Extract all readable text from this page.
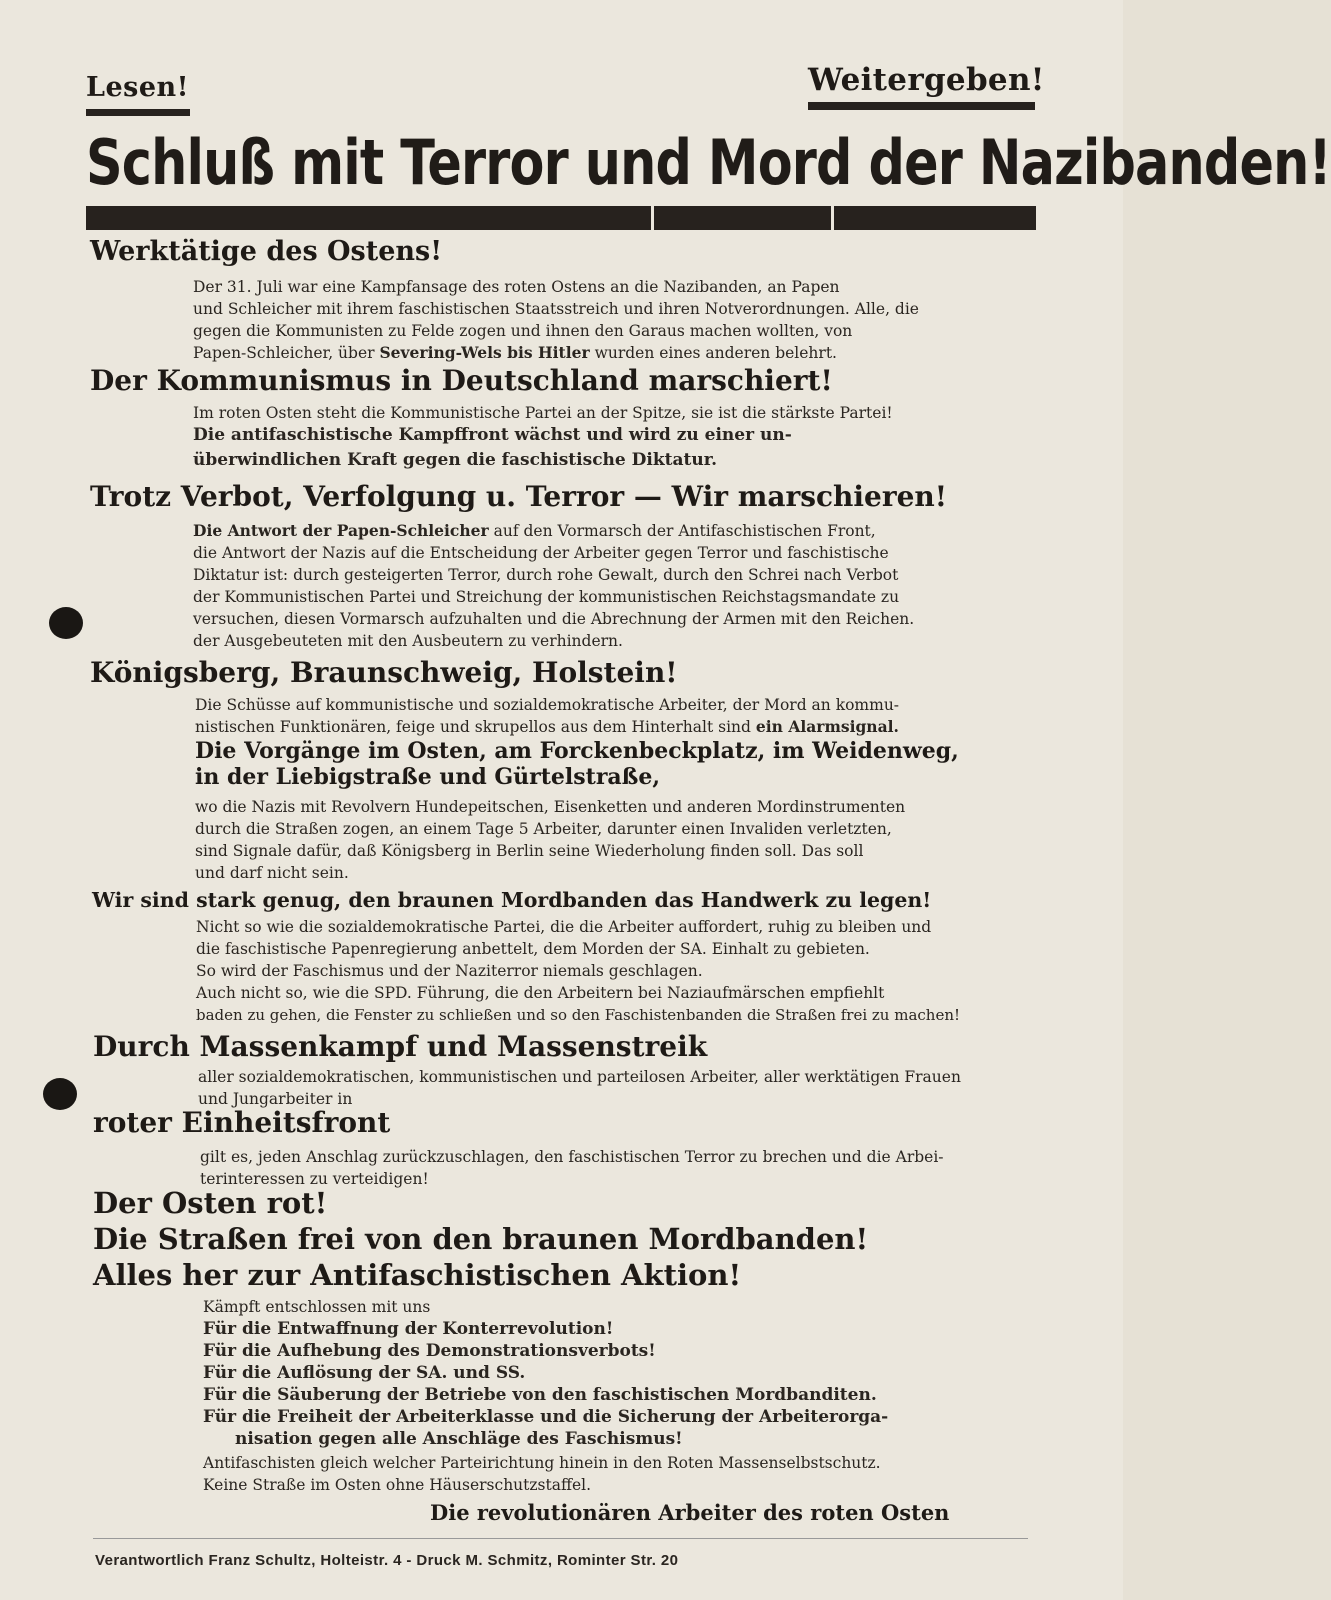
Lesen!	Weitergeben!
Schluß mit Terror und Mord der Nazibanden!
Werktätige des Ostens!
Der 31. Juli war eine Kampfansage des roten Ostens an die Nazibanden, an Papen
und Schleicher mit ihrem faschistischen Staatsstreich und ihren Notverordnungen. Alle, die
gegen die Kommunisten zu Felde zogen und ihnen den Garaus machen wollten, von
Papen-Schleicher, über Severing-Wels bis Hitler wurden eines anderen belehrt.
Der Kommunismus in Deutschland marschiert!
Im roten Osten steht die Kommunistische Partei an der Spitze, sie ist die stärkste Partei!
Die antifaschistische Kampffront wächst und wird zu einer un-
überwindlichen Kraft gegen die faschistische Diktatur.
Trotz Verbot, Verfolgung u. Terror — Wir marschieren!
Die Antwort der Papen-Schleicher auf den Vormarsch der Antifaschistischen Front,
die Antwort der Nazis auf die Entscheidung der Arbeiter gegen Terror und faschistische
Diktatur ist: durch gesteigerten Terror, durch rohe Gewalt, durch den Schrei nach Verbot
der Kommunistischen Partei und Streichung der kommunistischen Reichstagsmandate zu
versuchen, diesen Vormarsch aufzuhalten und die Abrechnung der Armen mit den Reichen.
der Ausgebeuteten mit den Ausbeutern zu verhindern.
Königsberg, Braunschweig, Holstein!
Die Schüsse auf kommunistische und sozialdemokratische Arbeiter, der Mord an kommu-
nistischen Funktionären, feige und skrupellos aus dem Hinterhalt sind ein Alarmsignal.
Die Vorgänge im Osten, am Forckenbeckplatz, im Weidenweg,
in der Liebigstraße und Gürtelstraße,
wo die Nazis mit Revolvern Hundepeitschen, Eisenketten und anderen Mordinstrumenten
durch die Straßen zogen, an einem Tage 5 Arbeiter, darunter einen Invaliden verletzten,
sind Signale dafür, daß Königsberg in Berlin seine Wiederholung finden soll. Das soll
und darf nicht sein.
Wir sind stark genug, den braunen Mordbanden das Handwerk zu legen!
Nicht so wie die sozialdemokratische Partei, die die Arbeiter auffordert, ruhig zu bleiben und
die faschistische Papenregierung anbettelt, dem Morden der SA. Einhalt zu gebieten.
So wird der Faschismus und der Naziterror niemals geschlagen.
Auch nicht so, wie die SPD. Führung, die den Arbeitern bei Naziaufmärschen empfiehlt
baden zu gehen, die Fenster zu schließen und so den Faschistenbanden die Straßen frei zu machen!
Durch Massenkampf und Massenstreik
aller sozialdemokratischen, kommunistischen und parteilosen Arbeiter, aller werktätigen Frauen
und Jungarbeiter in
roter Einheitsfront
gilt es, jeden Anschlag zurückzuschlagen, den faschistischen Terror zu brechen und die Arbei-
terinteressen zu verteidigen!
Der Osten rot!
Die Straßen frei von den braunen Mordbanden!
Alles her zur Antifaschistischen Aktion!
Kämpft entschlossen mit uns
Für die Entwaffnung der Konterrevolution!
Für die Aufhebung des Demonstrationsverbots!
Für die Auflösung der SA. und SS.
Für die Säuberung der Betriebe von den faschistischen Mordbanditen.
Für die Freiheit der Arbeiterklasse und die Sicherung der Arbeiterorga-
nisation gegen alle Anschläge des Faschismus!
Antifaschisten gleich welcher Parteirichtung hinein in den Roten Massenselbstschutz.
Keine Straße im Osten ohne Häuserschutzstaffel.
Die revolutionären Arbeiter des roten Osten
Verantwortlich Franz Schultz, Holteistr. 4 - Druck M. Schmitz, Rominter Str. 20
